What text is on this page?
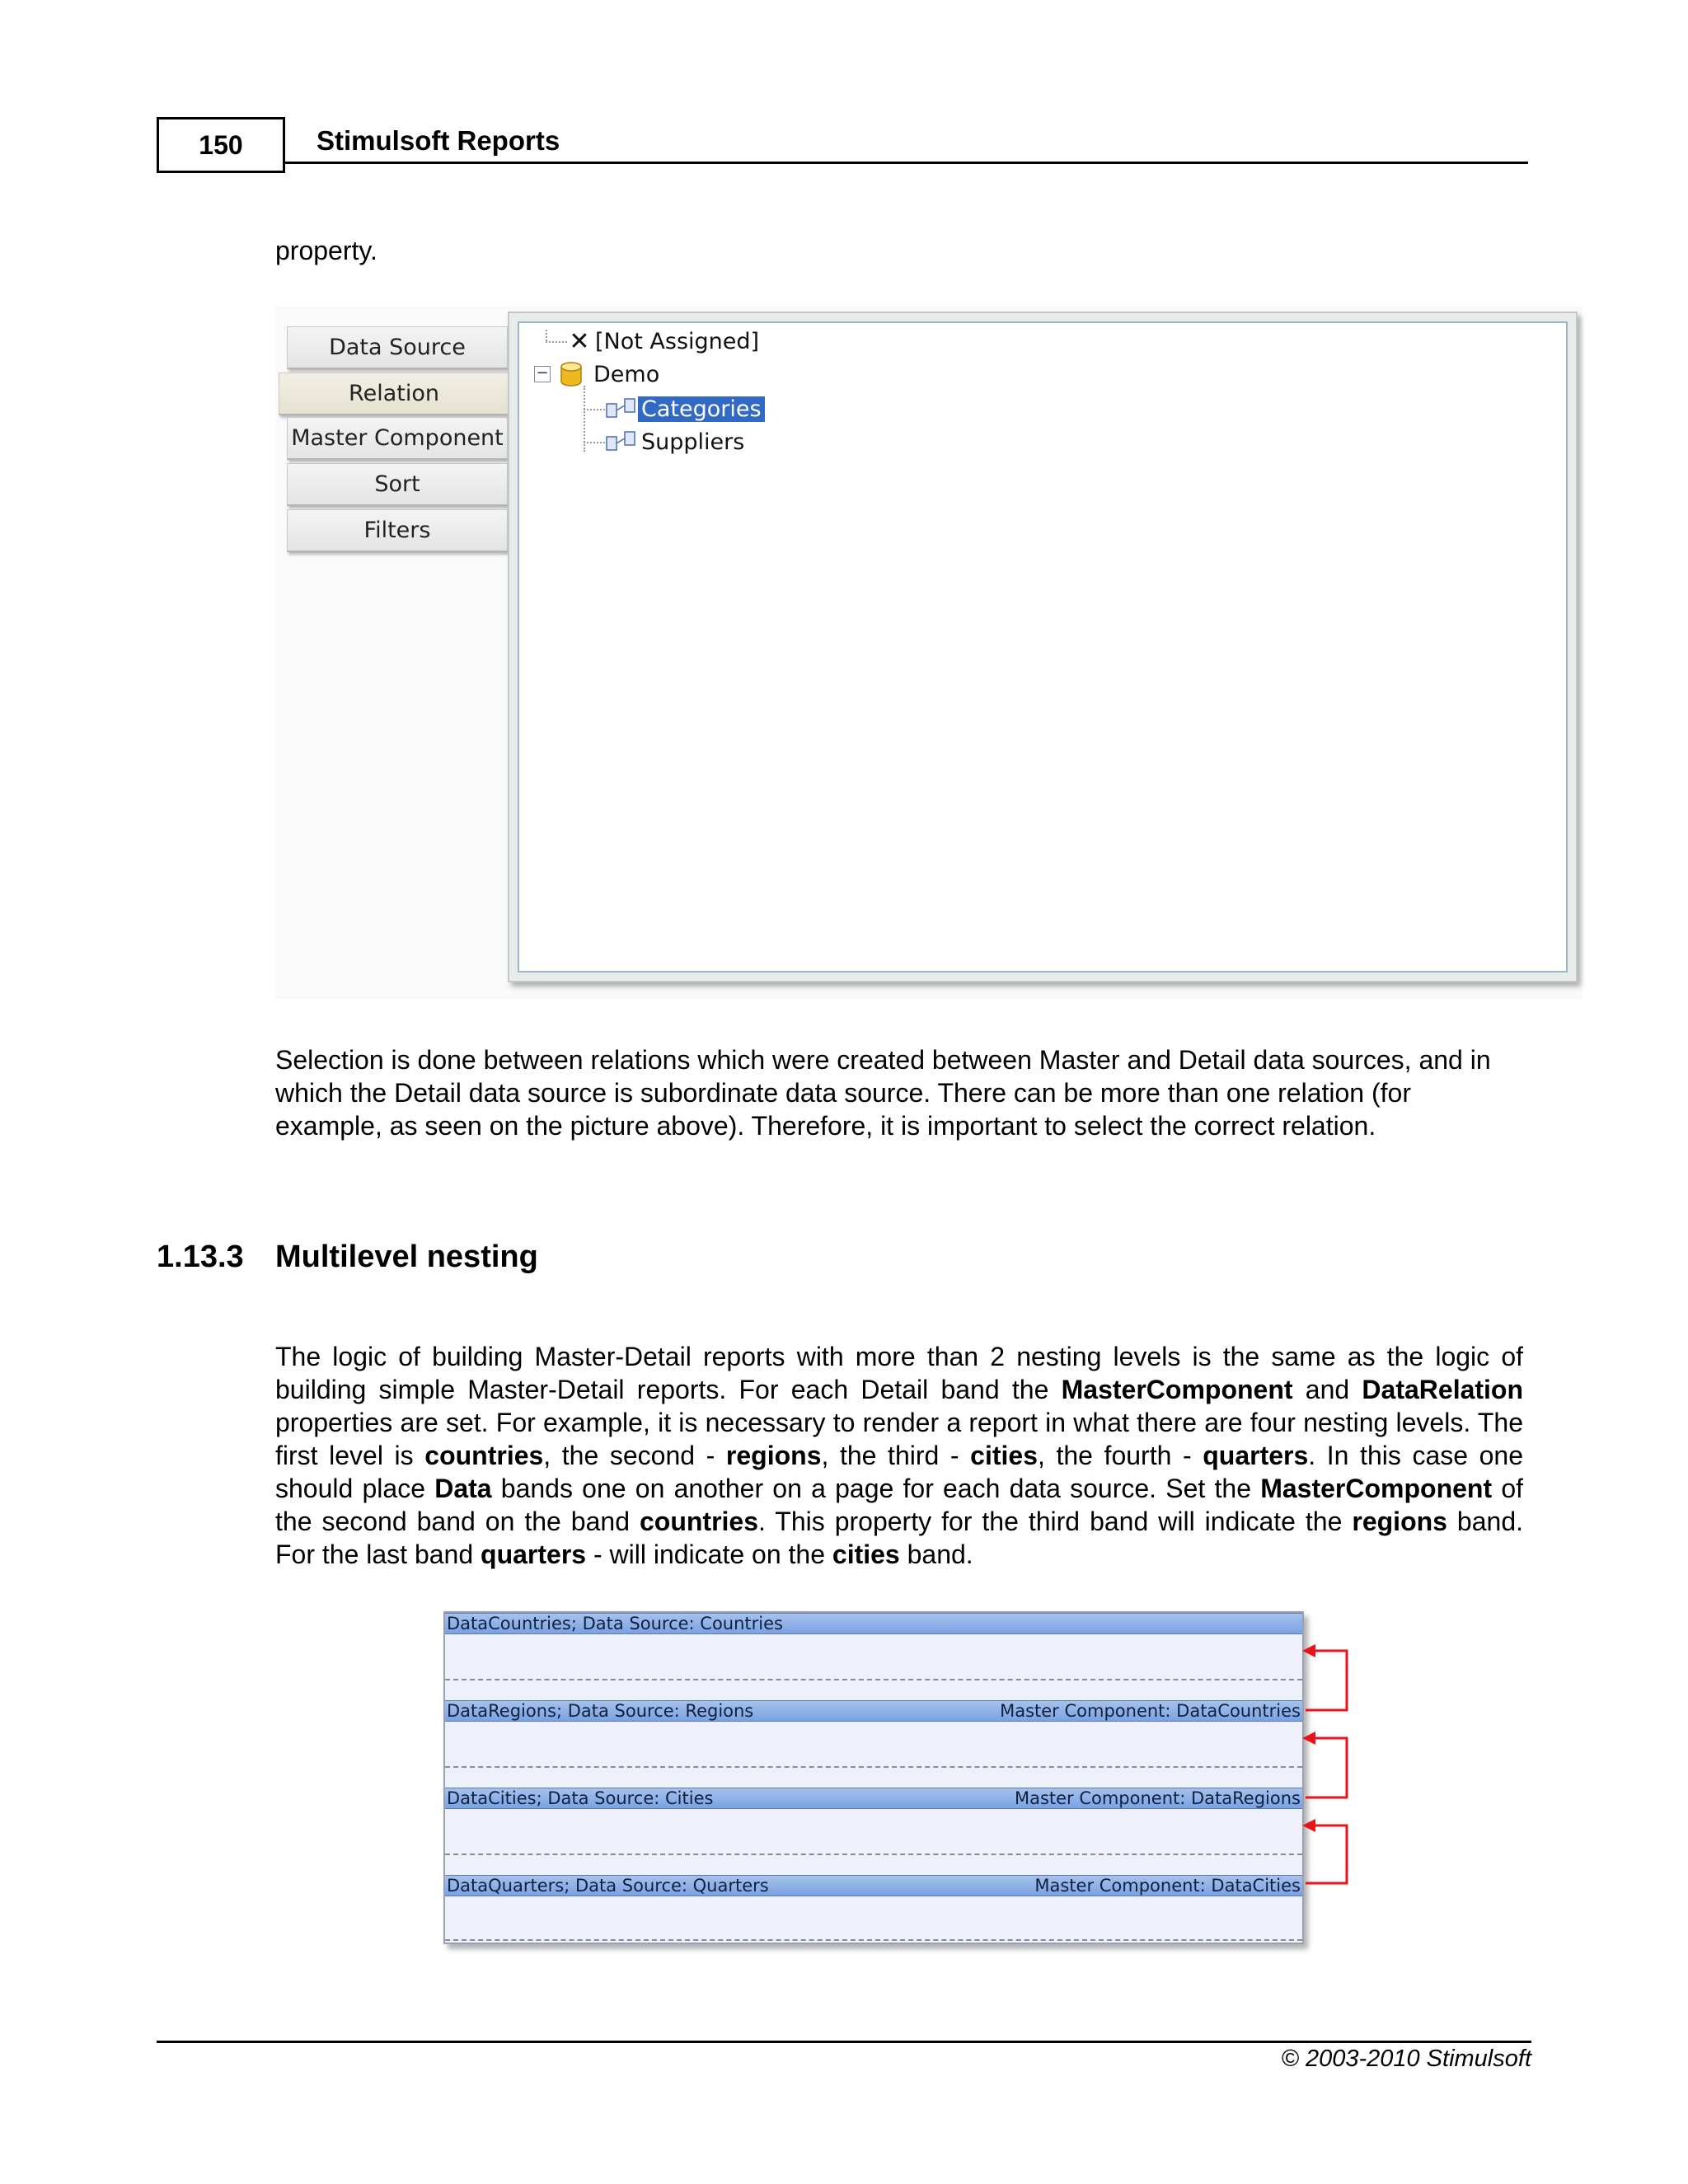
150	Stimulsoft Reports
property.
Data Source
Relation
Master Component
Sort
Filters
✕ [Not Assigned]
− Demo
Categories
Suppliers
Selection is done between relations which were created between Master and Detail data sources, and in which the Detail data source is subordinate data source. There can be more than one relation (for example, as seen on the picture above). Therefore, it is important to select the correct relation.
1.13.3 Multilevel nesting
The logic of building Master-Detail reports with more than 2 nesting levels is the same as the logic of building simple Master-Detail reports. For each Detail band the MasterComponent and DataRelation properties are set. For example, it is necessary to render a report in what there are four nesting levels. The first level is countries, the second - regions, the third - cities, the fourth - quarters. In this case one should place Data bands one on another on a page for each data source. Set the MasterComponent of the second band on the band countries. This property for the third band will indicate the regions band. For the last band quarters - will indicate on the cities band.
DataCountries; Data Source: Countries
DataRegions; Data Source: Regions	Master Component: DataCountries
DataCities; Data Source: Cities	Master Component: DataRegions
DataQuarters; Data Source: Quarters	Master Component: DataCities
© 2003-2010 Stimulsoft
